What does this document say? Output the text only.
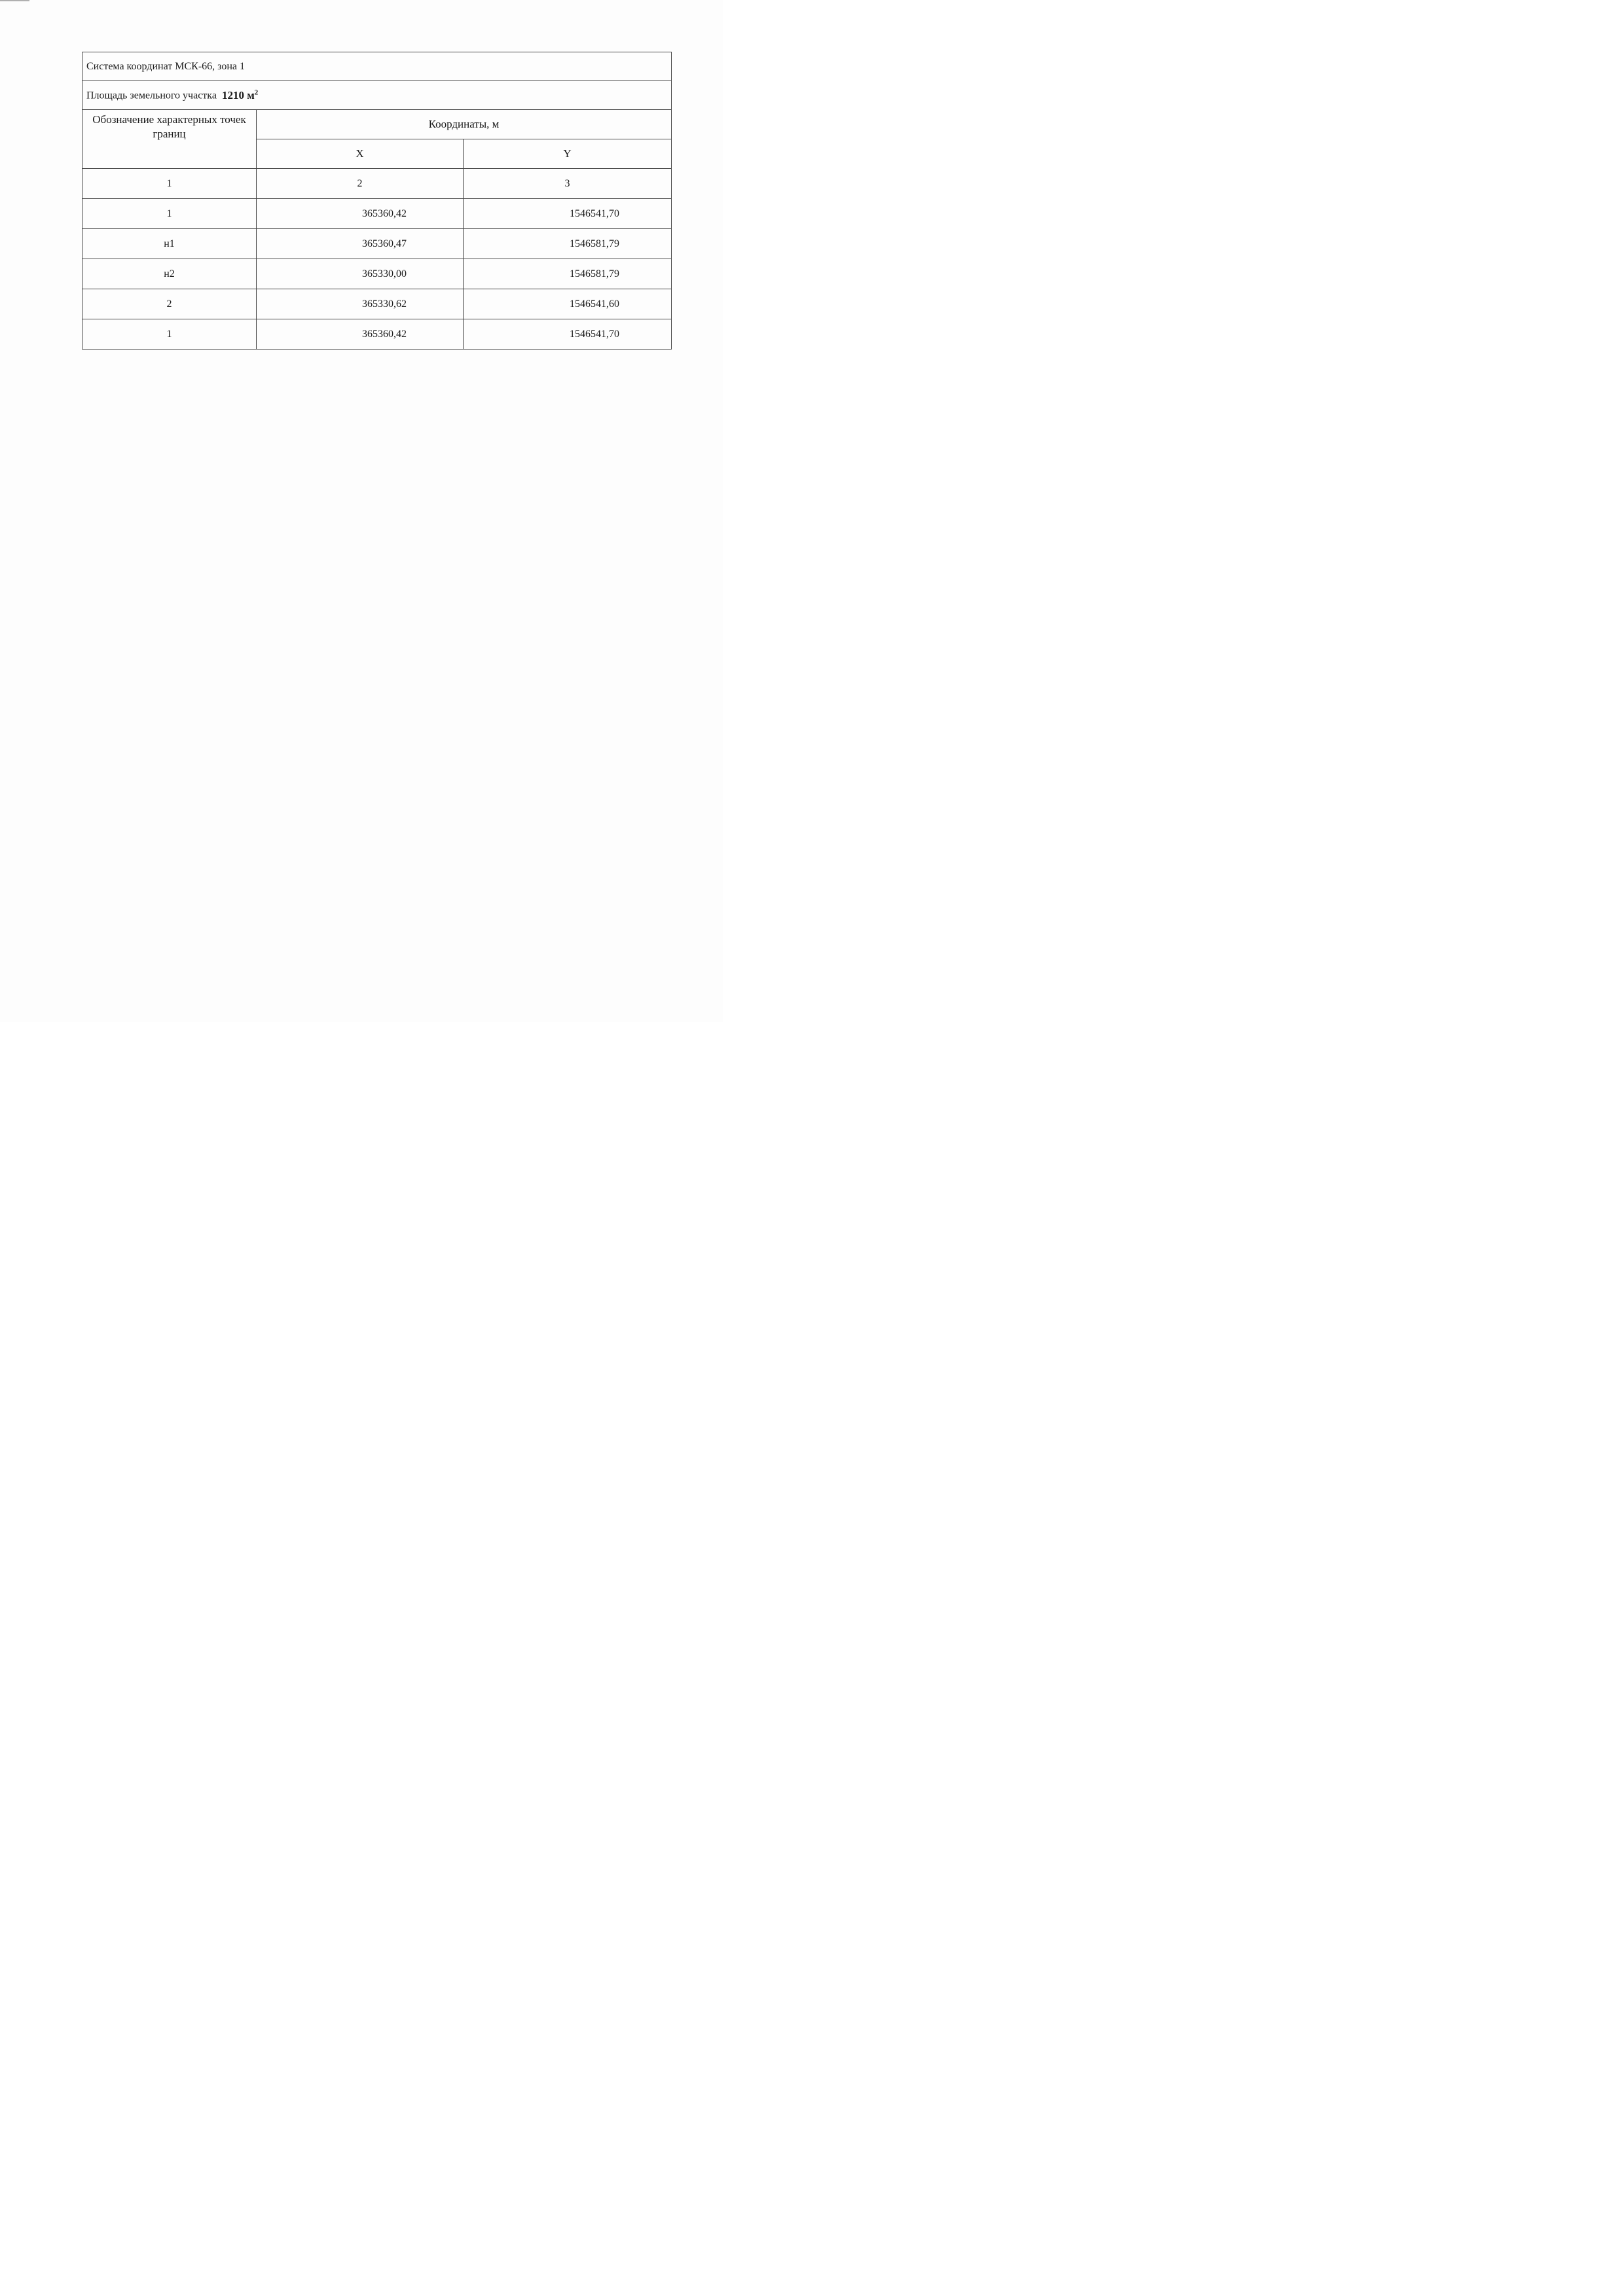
Система координат МСК-66, зона 1		
Площадь земельного участка 1210 $м^2$
Обозначение характерных точек границ	Координаты, м	
	X	Y
1	2	3
1	365360,42	1546541,70
н1	365360,47	1546581,79
н2	365330,00	1546581,79
2	365330,62	1546541,60
1	365360,42	1546541,70
